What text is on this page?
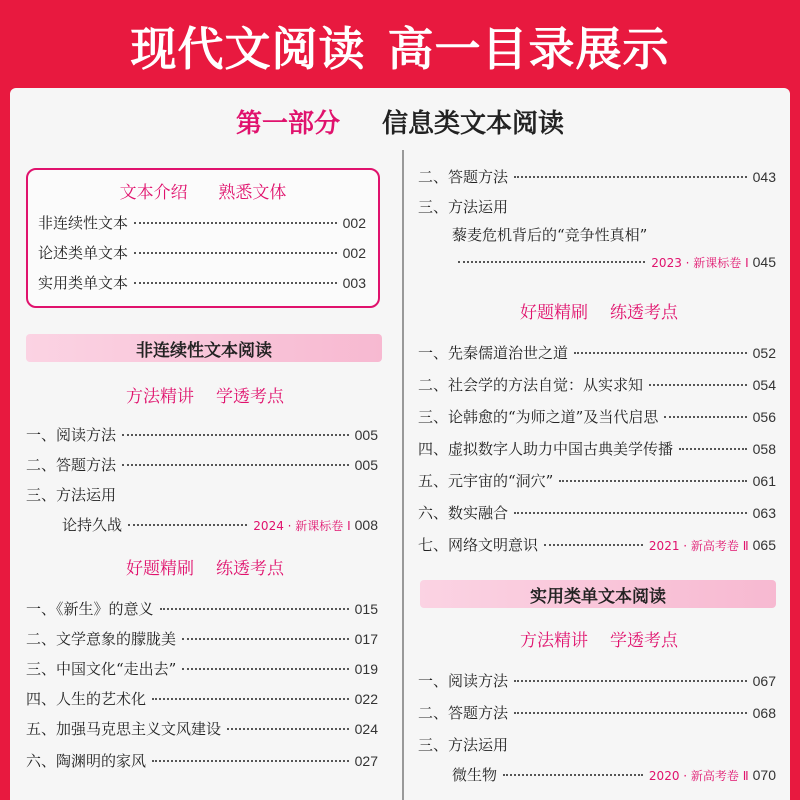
现代文阅读 高一目录展示
第一部分 信息类文本阅读
文本介绍 熟悉文体
非连续性文本	002
论述类单文本	002
实用类单文本	003
非连续性文本阅读
方法精讲 学透考点
一、阅读方法	005
二、答题方法	005
三、方法运用
论持久战	2024 · 新课标卷 Ⅰ 008
好题精刷 练透考点
一、《新生》的意义	015
二、文学意象的朦胧美	017
三、中国文化“走出去”	019
四、人生的艺术化	022
五、加强马克思主义文风建设	024
六、陶渊明的家风	027
二、答题方法	043
三、方法运用
藜麦危机背后的“竞争性真相”
2023 · 新课标卷 Ⅰ 045
好题精刷 练透考点
一、先秦儒道治世之道	052
二、社会学的方法自觉：从实求知	054
三、论韩愈的“为师之道”及当代启思	056
四、虚拟数字人助力中国古典美学传播	058
五、元宇宙的“洞穴”	061
六、数实融合	063
七、网络文明意识	2021 · 新高考卷 Ⅱ 065
实用类单文本阅读
方法精讲 学透考点
一、阅读方法	067
二、答题方法	068
三、方法运用
微生物	2020 · 新高考卷 Ⅱ 070
